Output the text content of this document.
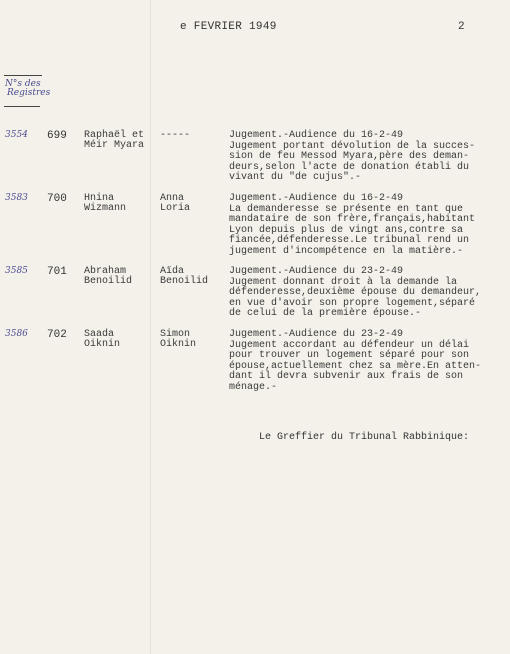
e FEVRIER 1949	2
N°s des
Registres
3554 699 Raphaël et
Méir Myara
-----	Jugement.-Audience du 16-2-49
Jugement portant dévolution de la succes-
sion de feu Messod Myara,père des deman-
deurs,selon l'acte de donation établi du
vivant du "de cujus".-
3583 700 Hnina
Wizmann
Anna
Loria
Jugement.-Audience du 16-2-49
La demanderesse se présente en tant que
mandataire de son frère,français,habitant
Lyon depuis plus de vingt ans,contre sa
fiancée,défenderesse.Le tribunal rend un
jugement d'incompétence en la matière.-
3585 701 Abraham
Benoilid
Aïda
Benoilid
Jugement.-Audience du 23-2-49
Jugement donnant droit à la demande la
défenderesse,deuxième épouse du demandeur,
en vue d'avoir son propre logement,séparé
de celui de la première épouse.-
3586 702 Saada
Oiknin
Simon
Oiknin
Jugement.-Audience du 23-2-49
Jugement accordant au défendeur un délai
pour trouver un logement séparé pour son
épouse,actuellement chez sa mère.En atten-
dant il devra subvenir aux frais de son
ménage.-
Le Greffier du Tribunal Rabbinique:
